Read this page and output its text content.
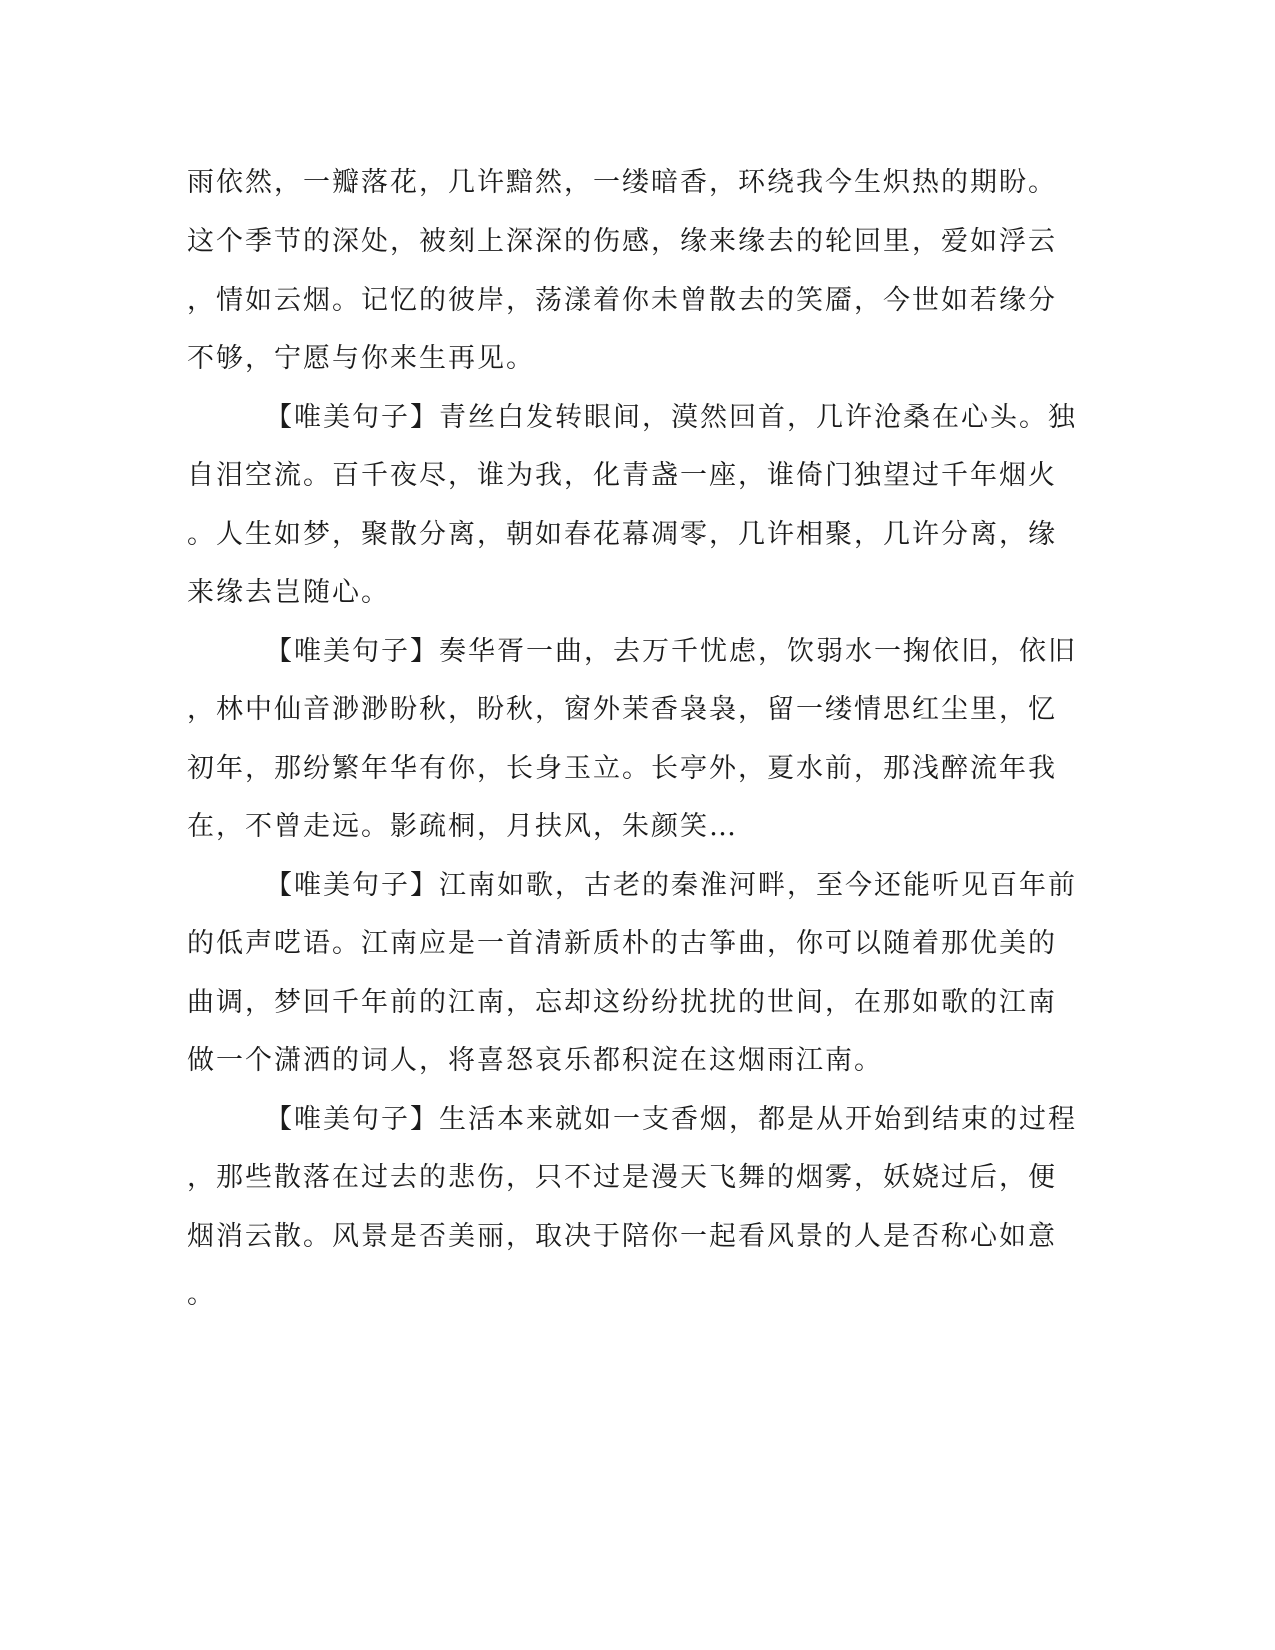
雨依然，一瓣落花，几许黯然，一缕暗香，环绕我今生炽热的期盼。
这个季节的深处，被刻上深深的伤感，缘来缘去的轮回里，爱如浮云
，情如云烟。记忆的彼岸，荡漾着你未曾散去的笑靥，今世如若缘分
不够，宁愿与你来生再见。
【唯美句子】青丝白发转眼间，漠然回首，几许沧桑在心头。独
自泪空流。百千夜尽，谁为我，化青盏一座，谁倚门独望过千年烟火
。人生如梦，聚散分离，朝如春花幕凋零，几许相聚，几许分离，缘
来缘去岂随心。
【唯美句子】奏华胥一曲，去万千忧虑，饮弱水一掬依旧，依旧
，林中仙音渺渺盼秋，盼秋，窗外茉香袅袅，留一缕情思红尘里，忆
初年，那纷繁年华有你，长身玉立。长亭外，夏水前，那浅醉流年我
在，不曾走远。影疏桐，月扶风，朱颜笑…
【唯美句子】江南如歌，古老的秦淮河畔，至今还能听见百年前
的低声呓语。江南应是一首清新质朴的古筝曲，你可以随着那优美的
曲调，梦回千年前的江南，忘却这纷纷扰扰的世间，在那如歌的江南
做一个潇洒的词人，将喜怒哀乐都积淀在这烟雨江南。
【唯美句子】生活本来就如一支香烟，都是从开始到结束的过程
，那些散落在过去的悲伤，只不过是漫天飞舞的烟雾，妖娆过后，便
烟消云散。风景是否美丽，取决于陪你一起看风景的人是否称心如意
。
